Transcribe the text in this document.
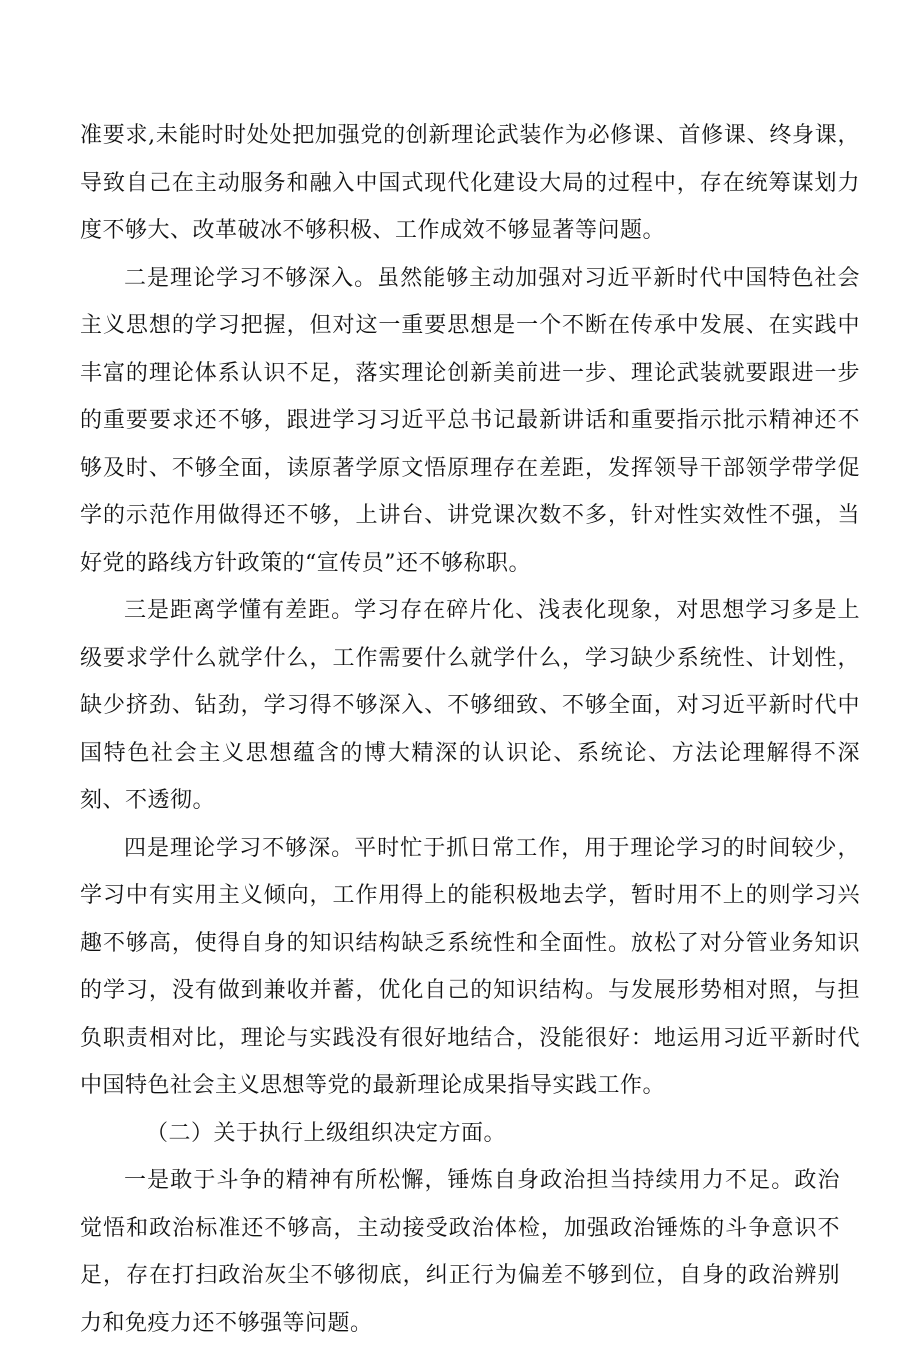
准要求,未能时时处处把加强党的创新理论武装作为必修课、首修课、终身课，导致自己在主动服务和融入中国式现代化建设大局的过程中，存在统筹谋划力度不够大、改革破冰不够积极、工作成效不够显著等问题。

二是理论学习不够深入。虽然能够主动加强对习近平新时代中国特色社会主义思想的学习把握，但对这一重要思想是一个不断在传承中发展、在实践中丰富的理论体系认识不足，落实理论创新美前进一步、理论武装就要跟进一步的重要要求还不够，跟进学习习近平总书记最新讲话和重要指示批示精神还不够及时、不够全面，读原著学原文悟原理存在差距，发挥领导干部领学带学促学的示范作用做得还不够，上讲台、讲党课次数不多，针对性实效性不强，当好党的路线方针政策的“宣传员”还不够称职。

三是距离学懂有差距。学习存在碎片化、浅表化现象，对思想学习多是上级要求学什么就学什么，工作需要什么就学什么，学习缺少系统性、计划性，缺少挤劲、钻劲，学习得不够深入、不够细致、不够全面，对习近平新时代中国特色社会主义思想蕴含的博大精深的认识论、系统论、方法论理解得不深刻、不透彻。

四是理论学习不够深。平时忙于抓日常工作，用于理论学习的时间较少，学习中有实用主义倾向，工作用得上的能积极地去学，暂时用不上的则学习兴趣不够高，使得自身的知识结构缺乏系统性和全面性。放松了对分管业务知识的学习，没有做到兼收并蓄，优化自己的知识结构。与发展形势相对照，与担负职责相对比，理论与实践没有很好地结合，没能很好：地运用习近平新时代中国特色社会主义思想等党的最新理论成果指导实践工作。

（二）关于执行上级组织决定方面。

一是敢于斗争的精神有所松懈，锤炼自身政治担当持续用力不足。政治觉悟和政治标准还不够高，主动接受政治体检，加强政治锤炼的斗争意识不足，存在打扫政治灰尘不够彻底，纠正行为偏差不够到位，自身的政治辨别力和免疫力还不够强等问题。
